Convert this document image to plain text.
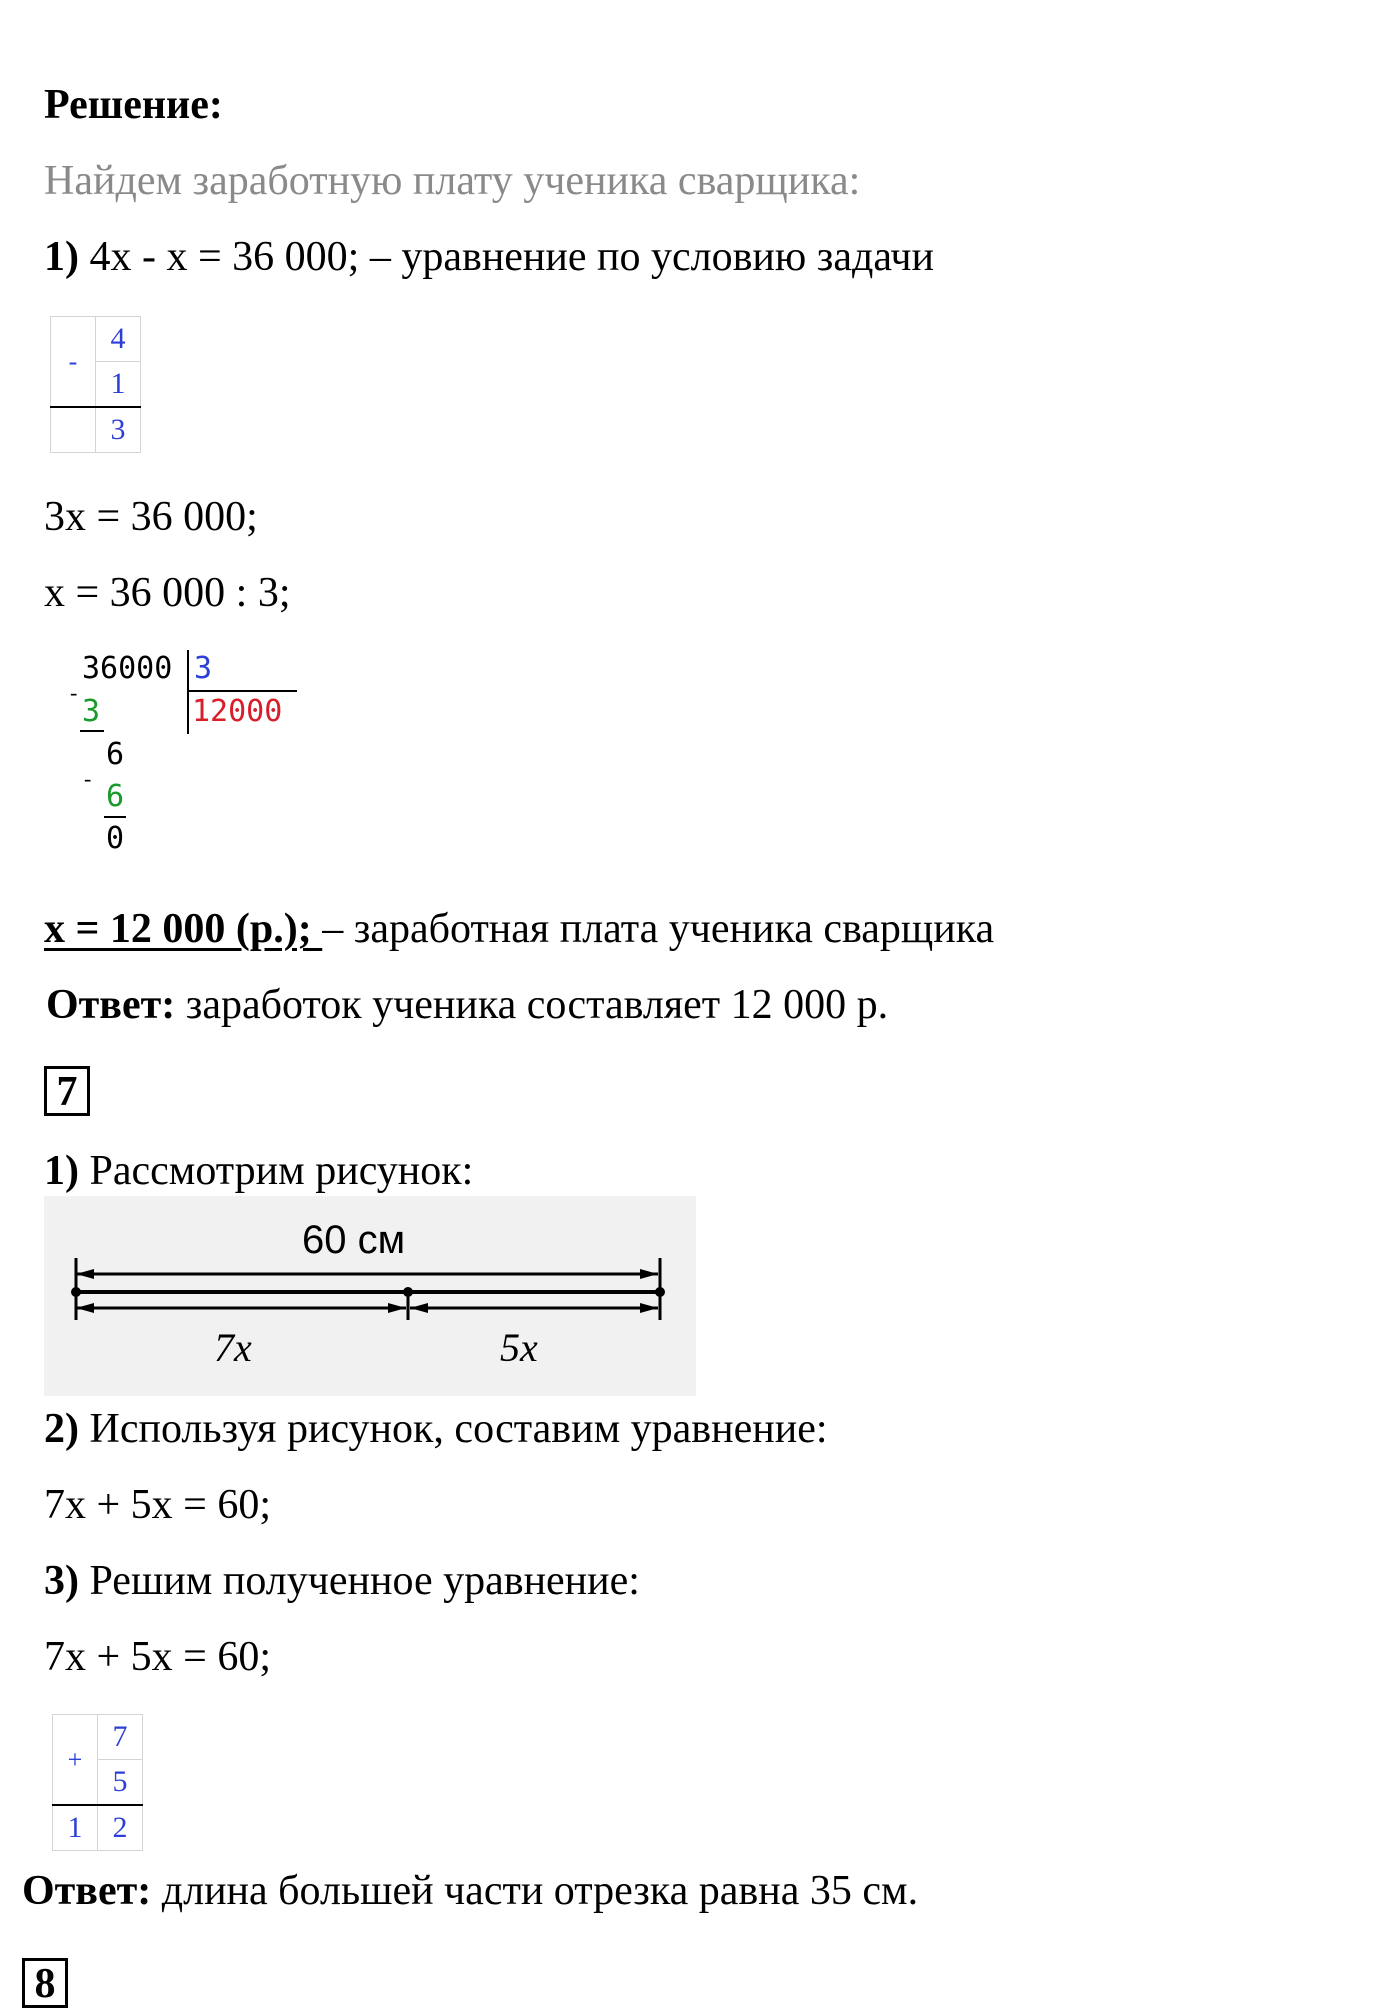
Решение:
Найдем заработную плату ученика сварщика:
1) 4x - x = 36 000; – уравнение по условию задачи
-	4
	1
	3
3x = 36 000;
x = 36 000 : 3;
36000 3
12000
-
3
6
-
6
0
x = 12 000 (р.); – заработная плата ученика сварщика
Ответ: заработок ученика составляет 12 000 р.
7
1) Рассмотрим рисунок:
60 см
7x	5x
2) Используя рисунок, составим уравнение:
7x + 5x = 60;
3) Решим полученное уравнение:
7x + 5x = 60;
+	7
	5
1	2
Ответ: длина большей части отрезка равна 35 см.
8
